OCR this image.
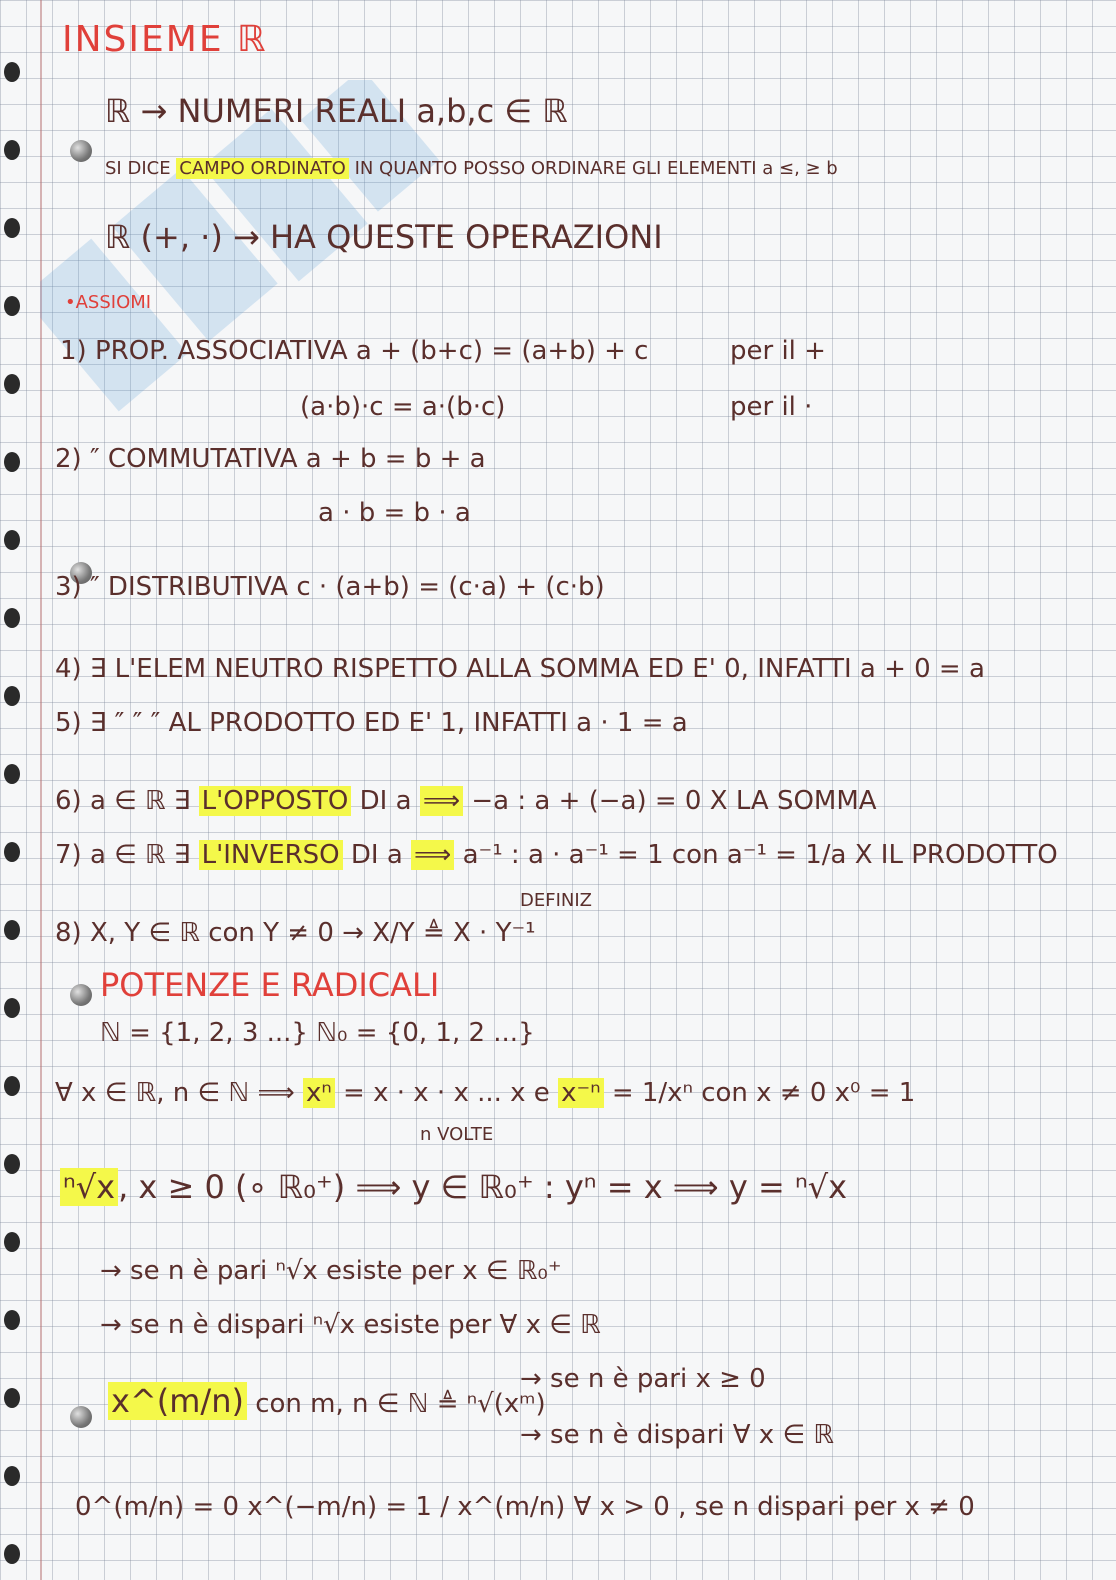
INSIEME ℝ
ℝ → NUMERI REALI a,b,c ∈ ℝ
SI DICE CAMPO ORDINATO IN QUANTO POSSO ORDINARE GLI ELEMENTI a ≤, ≥ b
ℝ (+, ·) → HA QUESTE OPERAZIONI
•ASSIOMI
1) PROP. ASSOCIATIVA a + (b+c) = (a+b) + c	per il +
(a·b)·c = a·(b·c)	per il ·
2) ″ COMMUTATIVA a + b = b + a
a · b = b · a
3) ″ DISTRIBUTIVA c · (a+b) = (c·a) + (c·b)
4) ∃ L'ELEM NEUTRO RISPETTO ALLA SOMMA ED E' 0, INFATTI a + 0 = a
5) ∃ ″ ″ ″ AL PRODOTTO ED E' 1, INFATTI a · 1 = a
6) a ∈ ℝ ∃ L'OPPOSTO DI a ⟹ −a : a + (−a) = 0 X LA SOMMA
7) a ∈ ℝ ∃ L'INVERSO DI a ⟹ a⁻¹ : a · a⁻¹ = 1 con a⁻¹ = 1/a X IL PRODOTTO
DEFINIZ
8) X, Y ∈ ℝ con Y ≠ 0 → X/Y ≜ X · Y⁻¹
POTENZE E RADICALI
ℕ = {1, 2, 3 ...} ℕ₀ = {0, 1, 2 ...}
∀ x ∈ ℝ, n ∈ ℕ ⟹ xⁿ = x · x · x ... x e x⁻ⁿ = 1/xⁿ con x ≠ 0 x⁰ = 1
n VOLTE
ⁿ√x, x ≥ 0 (∘ ℝ₀⁺) ⟹ y ∈ ℝ₀⁺ : yⁿ = x ⟹ y = ⁿ√x
→ se n è pari ⁿ√x esiste per x ∈ ℝ₀⁺
→ se n è dispari ⁿ√x esiste per ∀ x ∈ ℝ
x^(m/n) con m, n ∈ ℕ ≜ ⁿ√(xᵐ)
→ se n è pari x ≥ 0
→ se n è dispari ∀ x ∈ ℝ
0^(m/n) = 0 x^(−m/n) = 1 / x^(m/n) ∀ x > 0 , se n dispari per x ≠ 0
